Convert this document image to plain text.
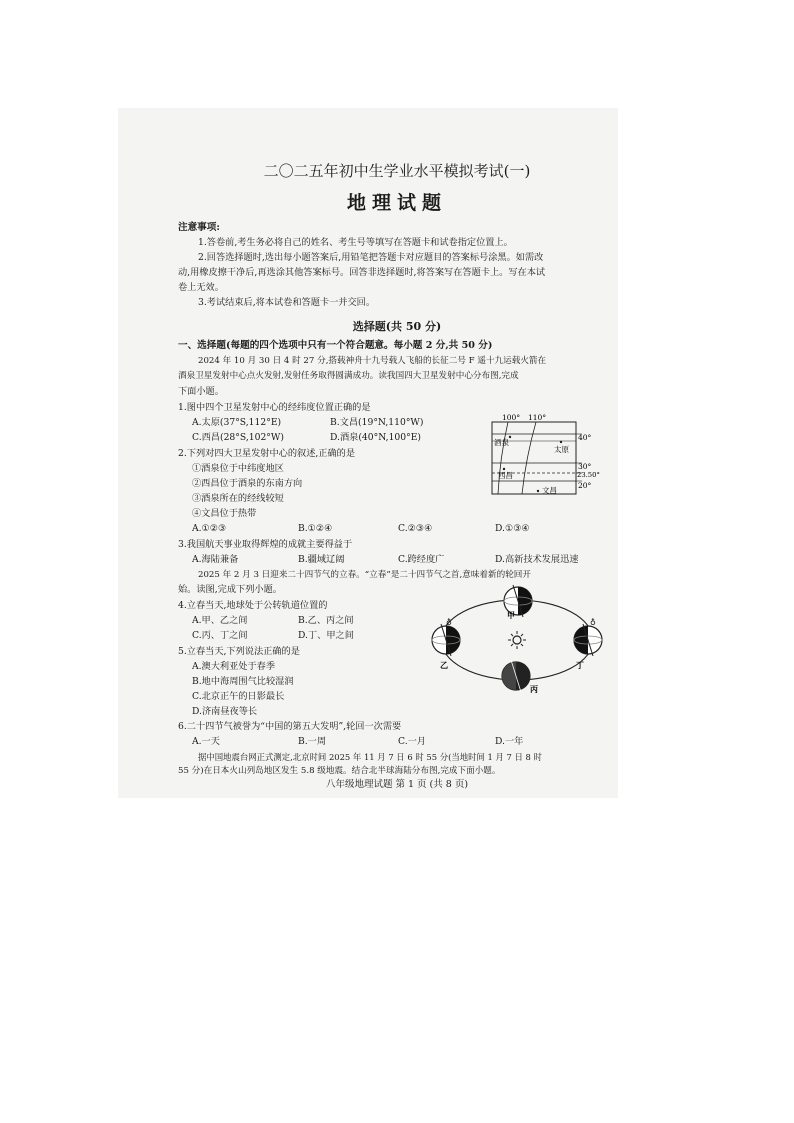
二〇二五年初中生学业水平模拟考试(一)
地理试题
注意事项:
1.答卷前,考生务必将自己的姓名、考生号等填写在答题卡和试卷指定位置上。
2.回答选择题时,选出每小题答案后,用铅笔把答题卡对应题目的答案标号涂黑。如需改
动,用橡皮擦干净后,再选涂其他答案标号。回答非选择题时,将答案写在答题卡上。写在本试
卷上无效。
3.考试结束后,将本试卷和答题卡一并交回。
选择题(共 50 分)
一、选择题(每题的四个选项中只有一个符合题意。每小题 2 分,共 50 分)
2024 年 10 月 30 日 4 时 27 分,搭载神舟十九号载人飞船的长征二号 F 遥十九运载火箭在
酒泉卫星发射中心点火发射,发射任务取得圆满成功。读我国四大卫星发射中心分布图,完成
下面小题。
1.图中四个卫星发射中心的经纬度位置正确的是
A.太原(37°S,112°E)	B.文昌(19°N,110°W)
C.西昌(28°S,102°W)	D.酒泉(40°N,100°E)
2.下列对四大卫星发射中心的叙述,正确的是
①酒泉位于中纬度地区
②西昌位于酒泉的东南方向
③酒泉所在的经线较短
④文昌位于热带
A.①②③	B.①②④	C.②③④	D.①③④
3.我国航天事业取得辉煌的成就主要得益于
A.海陆兼备	B.疆域辽阔	C.跨经度广	D.高新技术发展迅速
2025 年 2 月 3 日迎来二十四节气的立春。“立春”是二十四节气之首,意味着新的轮回开
始。读图,完成下列小题。
4.立春当天,地球处于公转轨道位置的
A.甲、乙之间	B.乙、丙之间
C.丙、丁之间	D.丁、甲之间
5.立春当天,下列说法正确的是
A.澳大利亚处于春季
B.地中海周围气比较湿润
C.北京正午的日影最长
D.济南昼夜等长
6.二十四节气被誉为“中国的第五大发明”,轮回一次需要
A.一天	B.一周	C.一月	D.一年
据中国地震台网正式测定,北京时间 2025 年 11 月 7 日 6 时 55 分(当地时间 1 月 7 日 8 时
55 分)在日本火山列岛地区发生 5.8 级地震。结合北半球海陆分布图,完成下面小题。
八年级地理试题 第 1 页 (共 8 页)
100° 110°
40°
30°
23.50°
20°
酒泉
太原
西昌
文昌
甲
♁
乙
丙
♁
丁
